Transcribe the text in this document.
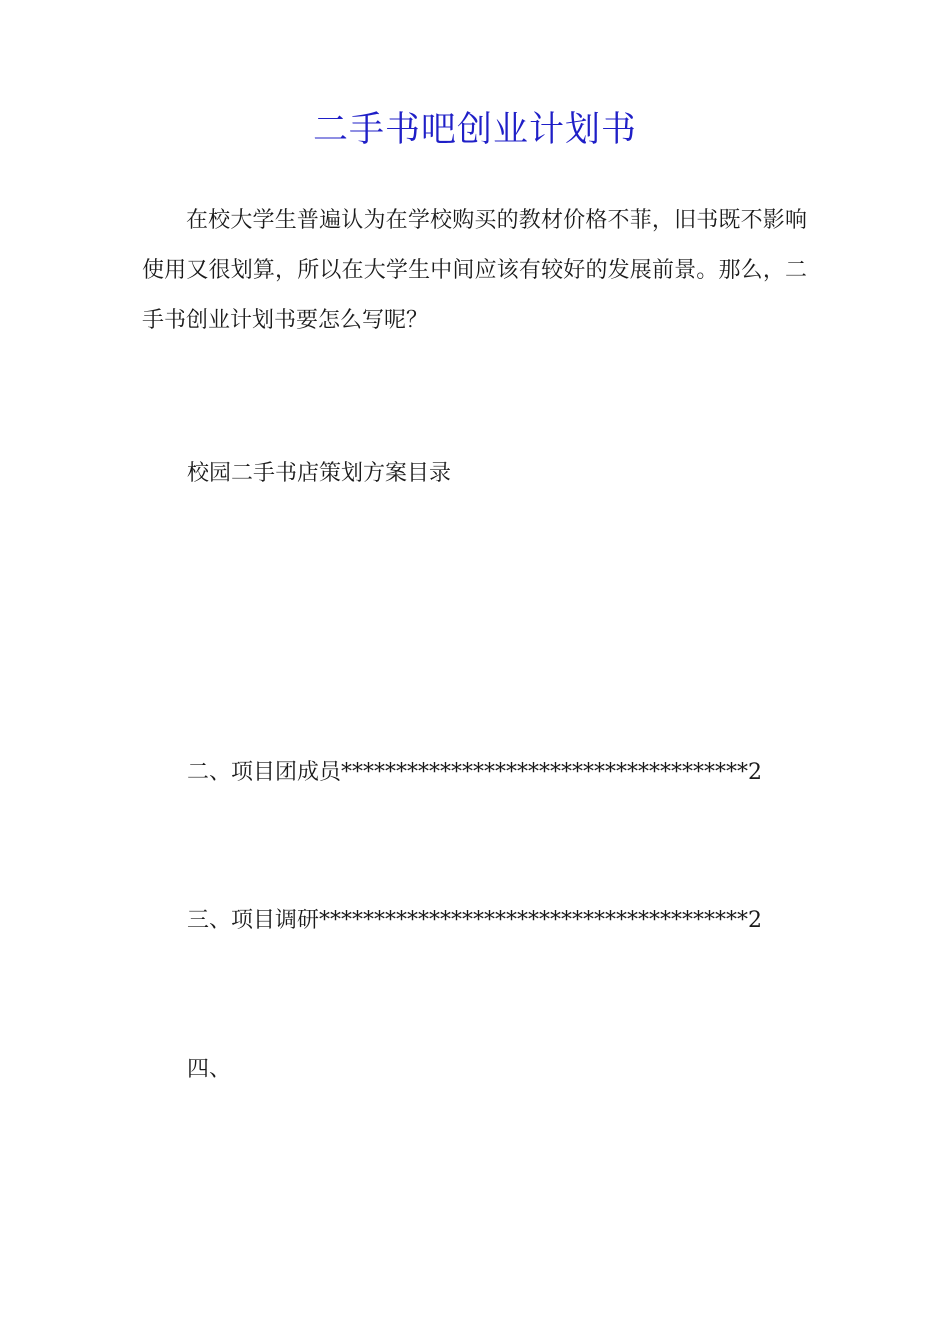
二手书吧创业计划书

在校大学生普遍认为在学校购买的教材价格不菲，旧书既不影响使用又很划算，所以在大学生中间应该有较好的发展前景。那么，二手书创业计划书要怎么写呢？

校园二手书店策划方案目录

二、项目团成员*************************************2

三、项目调研***************************************2

四、
